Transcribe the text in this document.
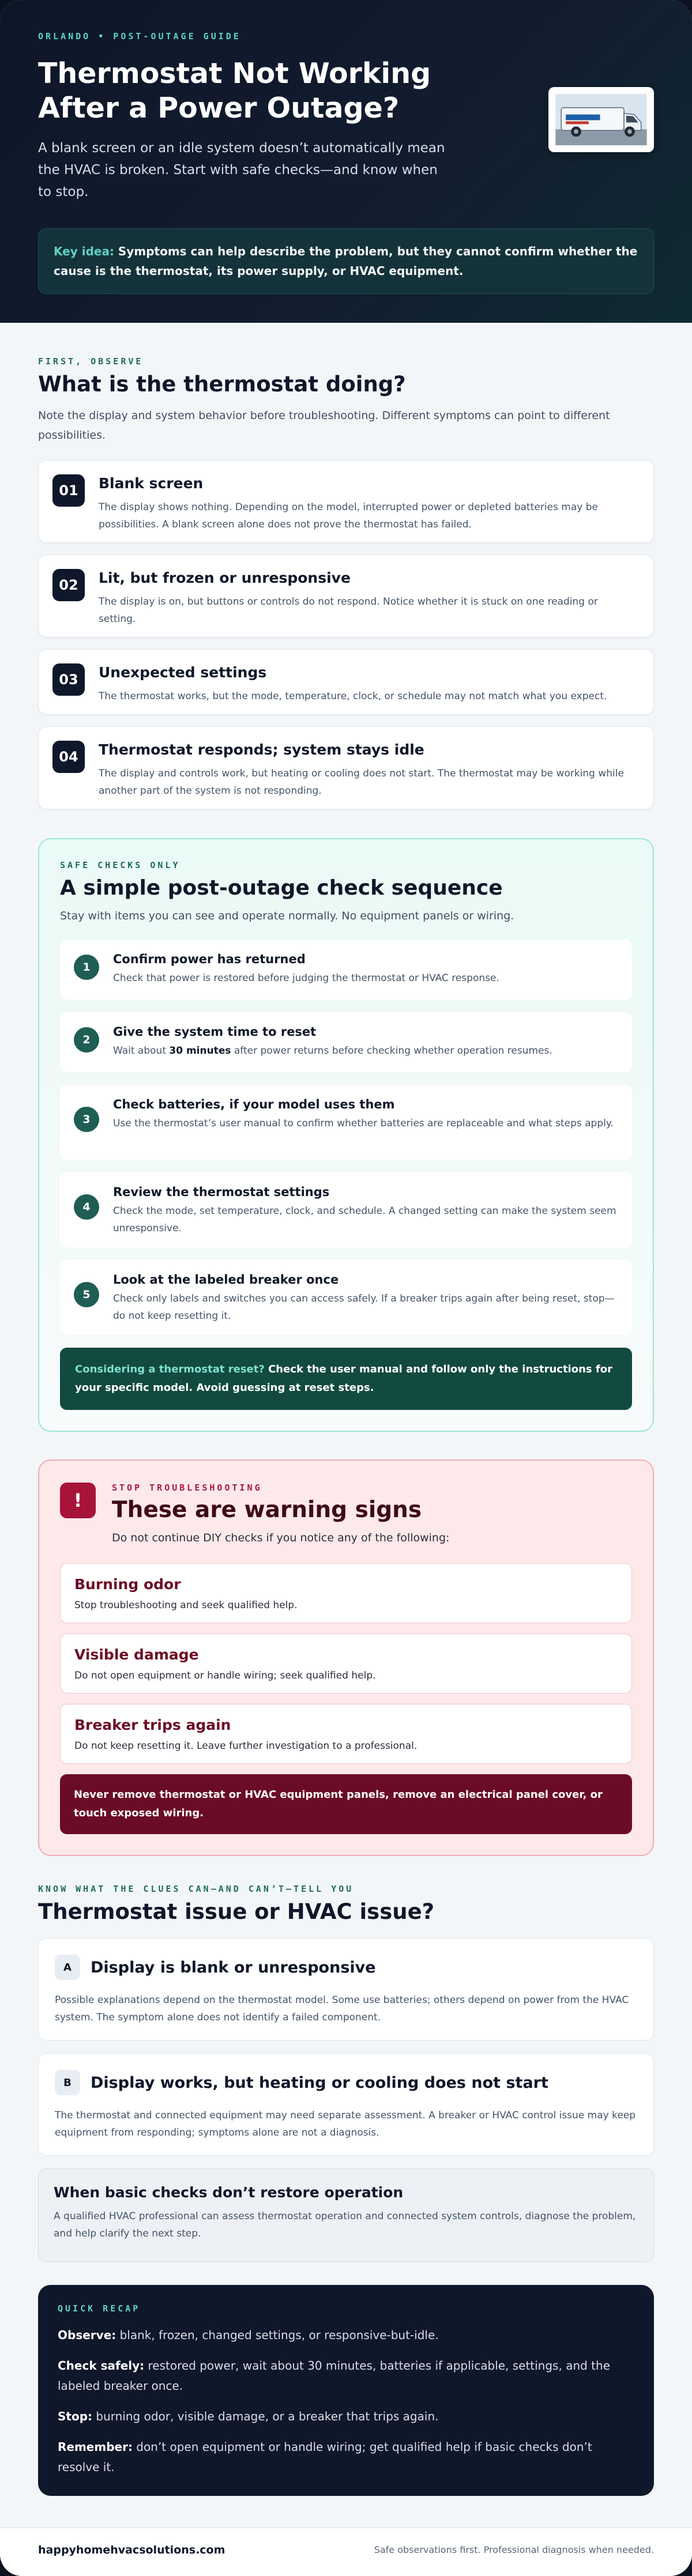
ORLANDO • POST-OUTAGE GUIDE
Thermostat Not Working After a Power Outage?

A blank screen or an idle system doesn’t automatically mean the HVAC is broken. Start with safe checks—and know when to stop.

Key idea: Symptoms can help describe the problem, but they cannot confirm whether the cause is the thermostat, its power supply, or HVAC equipment.
FIRST, OBSERVE
What is the thermostat doing?

Note the display and system behavior before troubleshooting. Different symptoms can point to different possibilities.

01	Blank screen
The display shows nothing. Depending on the model, interrupted power or depleted batteries may be possibilities. A blank screen alone does not prove the thermostat has failed.
02	Lit, but frozen or unresponsive
The display is on, but buttons or controls do not respond. Notice whether it is stuck on one reading or setting.
03	Unexpected settings
The thermostat works, but the mode, temperature, clock, or schedule may not match what you expect.
04	Thermostat responds; system stays idle
The display and controls work, but heating or cooling does not start. The thermostat may be working while another part of the system is not responding.
SAFE CHECKS ONLY
A simple post-outage check sequence

Stay with items you can see and operate normally. No equipment panels or wiring.

1
Confirm power has returned
Check that power is restored before judging the thermostat or HVAC response.
2
Give the system time to reset
Wait about 30 minutes after power returns before checking whether operation resumes.
3
Check batteries, if your model uses them
Use the thermostat’s user manual to confirm whether batteries are replaceable and what steps apply.
4
Review the thermostat settings
Check the mode, set temperature, clock, and schedule. A changed setting can make the system seem unresponsive.
5
Look at the labeled breaker once
Check only labels and switches you can access safely. If a breaker trips again after being reset, stop—do not keep resetting it.
Considering a thermostat reset? Check the user manual and follow only the instructions for your specific model. Avoid guessing at reset steps.
!
STOP TROUBLESHOOTING
These are warning signs

Do not continue DIY checks if you notice any of the following:

Burning odor
Stop troubleshooting and seek qualified help.
Visible damage
Do not open equipment or handle wiring; seek qualified help.
Breaker trips again
Do not keep resetting it. Leave further investigation to a professional.
Never remove thermostat or HVAC equipment panels, remove an electrical panel cover, or touch exposed wiring.
KNOW WHAT THE CLUES CAN—AND CAN’T—TELL YOU
Thermostat issue or HVAC issue?
A	Display is blank or unresponsive
Possible explanations depend on the thermostat model. Some use batteries; others depend on power from the HVAC system. The symptom alone does not identify a failed component.
B	Display works, but heating or cooling does not start
The thermostat and connected equipment may need separate assessment. A breaker or HVAC control issue may keep equipment from responding; symptoms alone are not a diagnosis.
When basic checks don’t restore operation
A qualified HVAC professional can assess thermostat operation and connected system controls, diagnose the problem, and help clarify the next step.
QUICK RECAP
Observe: blank, frozen, changed settings, or responsive-but-idle.
Check safely: restored power, wait about 30 minutes, batteries if applicable, settings, and the labeled breaker once.
Stop: burning odor, visible damage, or a breaker that trips again.
Remember: don’t open equipment or handle wiring; get qualified help if basic checks don’t resolve it.
happyhomehvacsolutions.com	Safe observations first. Professional diagnosis when needed.
